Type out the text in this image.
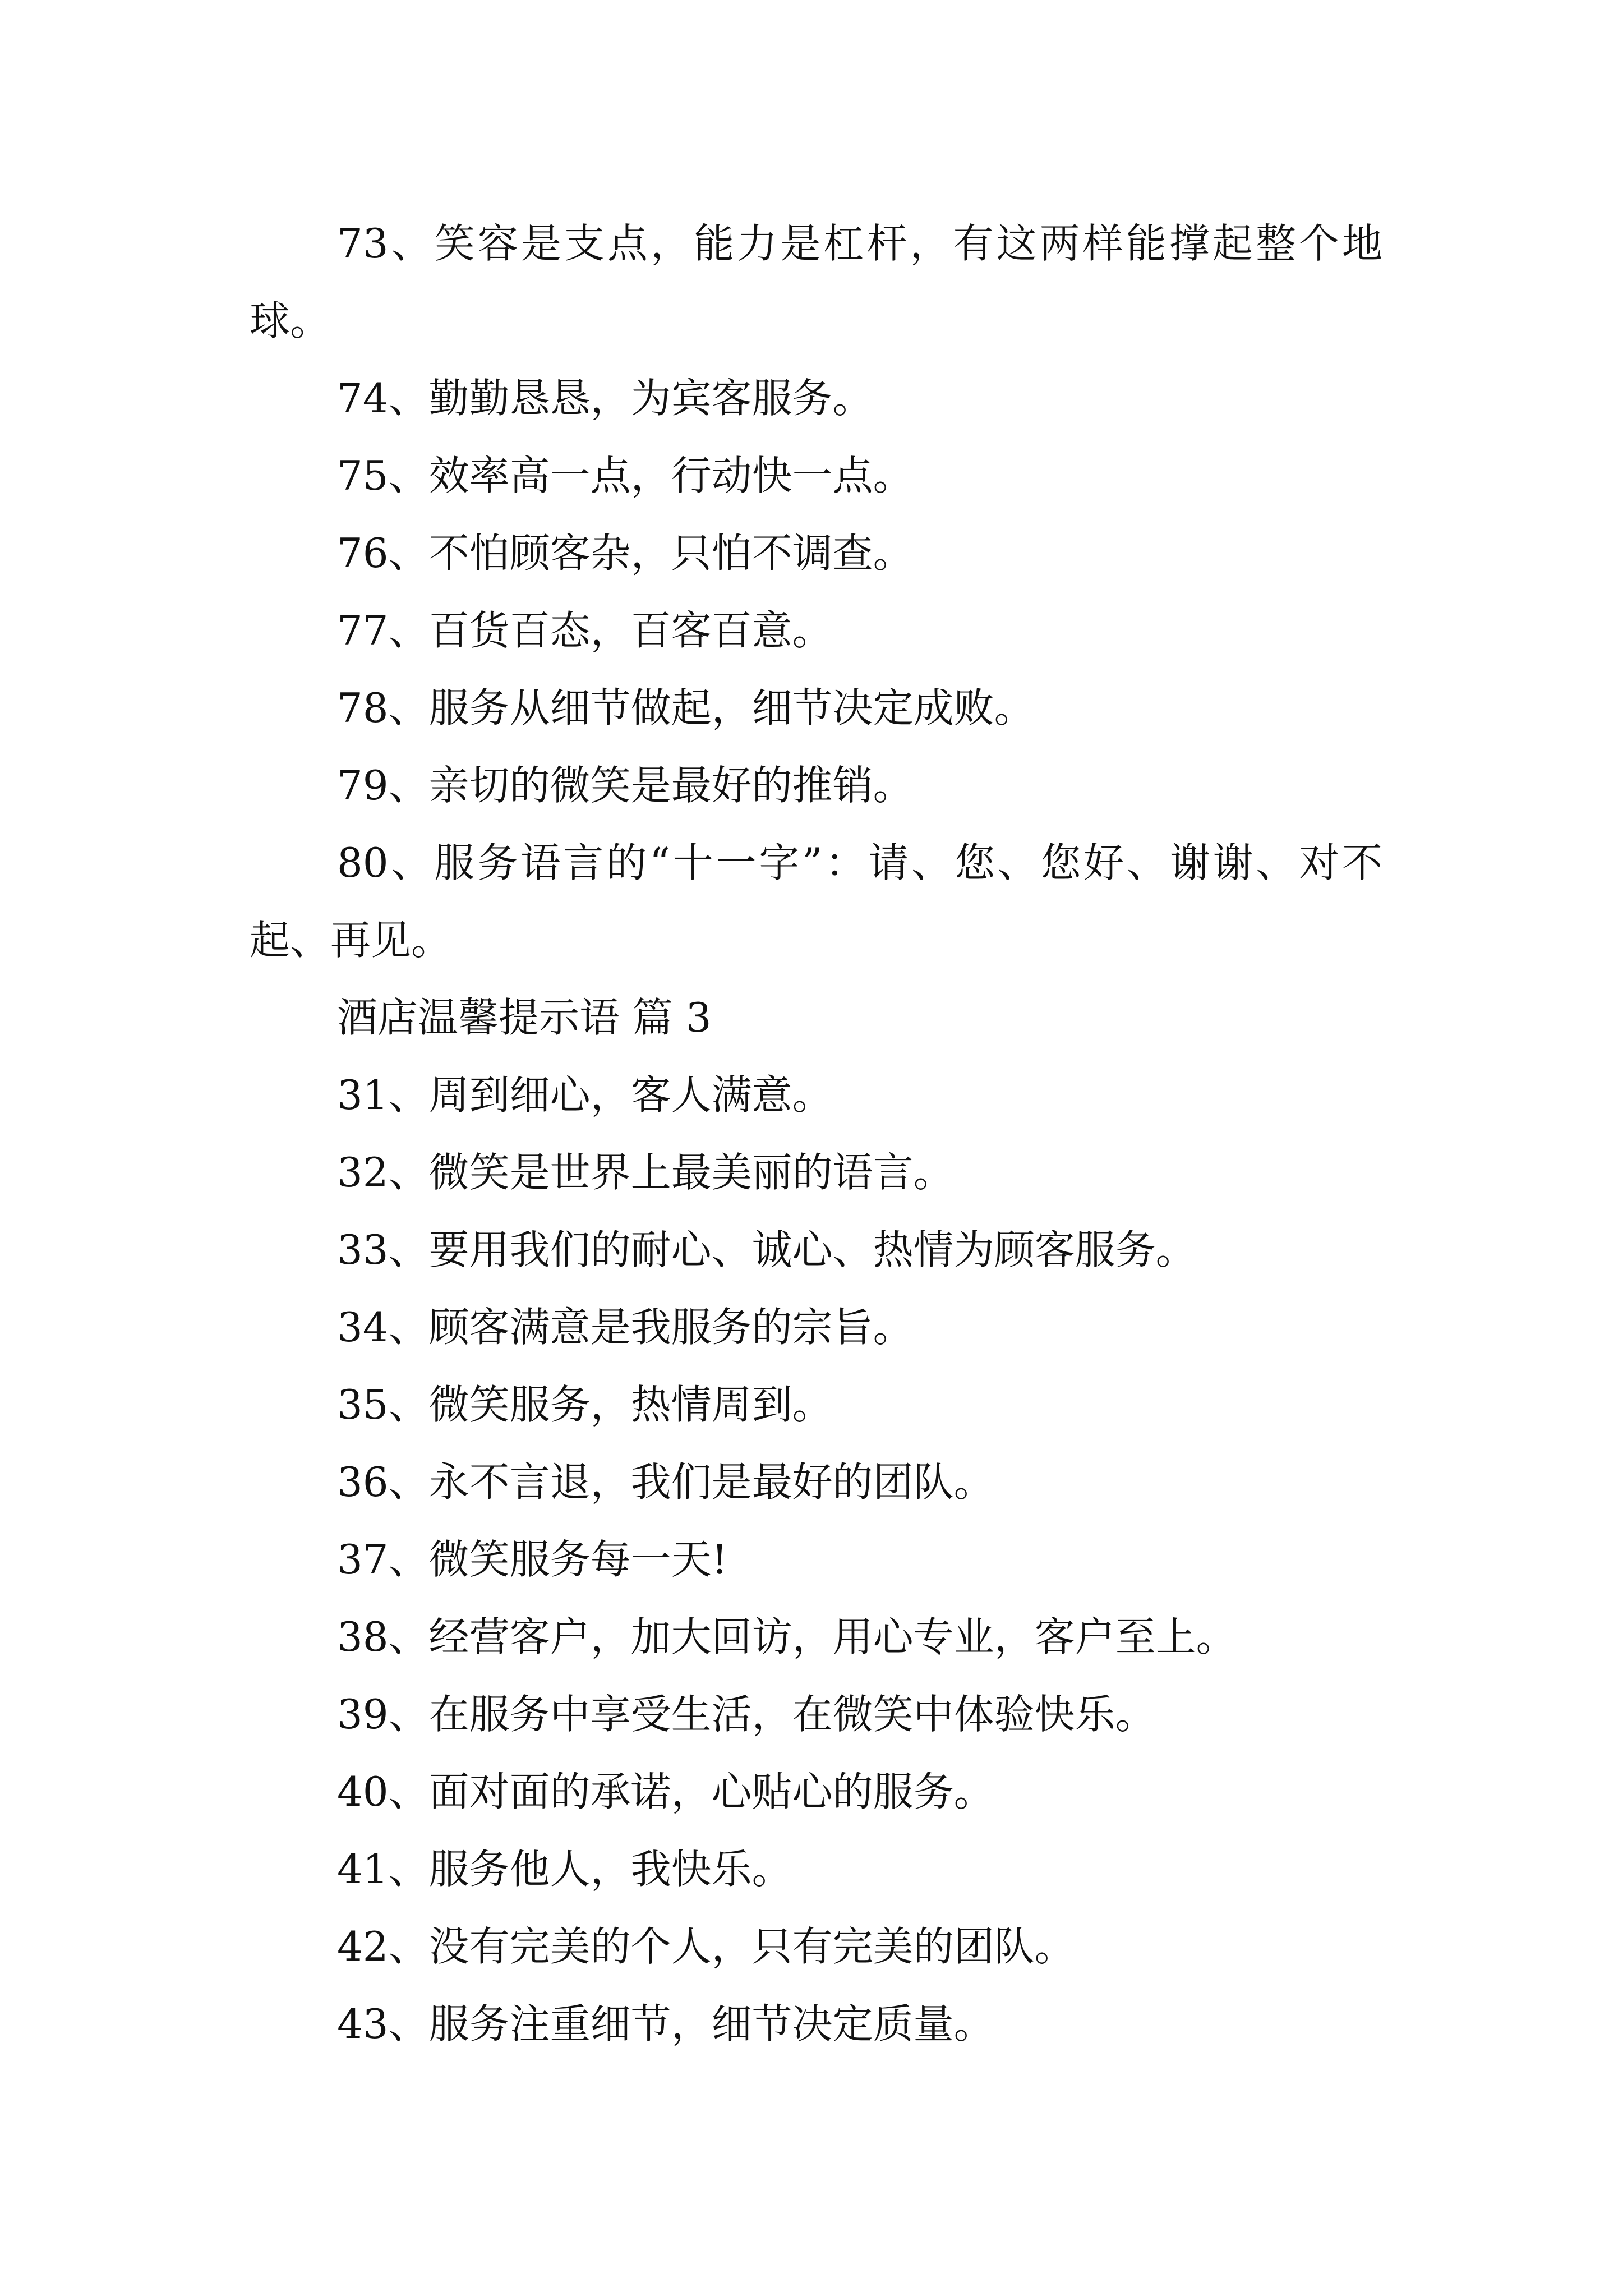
73、笑容是支点，能力是杠杆，有这两样能撑起整个地球。

74、勤勤恳恳，为宾客服务。

75、效率高一点，行动快一点。

76、不怕顾客杂，只怕不调查。

77、百货百态，百客百意。

78、服务从细节做起，细节决定成败。

79、亲切的微笑是最好的推销。

80、服务语言的“十一字”：请、您、您好、谢谢、对不起、再见。

酒店温馨提示语 篇 3

31、周到细心，客人满意。

32、微笑是世界上最美丽的语言。

33、要用我们的耐心、诚心、热情为顾客服务。

34、顾客满意是我服务的宗旨。

35、微笑服务，热情周到。

36、永不言退，我们是最好的团队。

37、微笑服务每一天!

38、经营客户，加大回访，用心专业，客户至上。

39、在服务中享受生活，在微笑中体验快乐。

40、面对面的承诺，心贴心的服务。

41、服务他人，我快乐。

42、没有完美的个人，只有完美的团队。

43、服务注重细节，细节决定质量。
